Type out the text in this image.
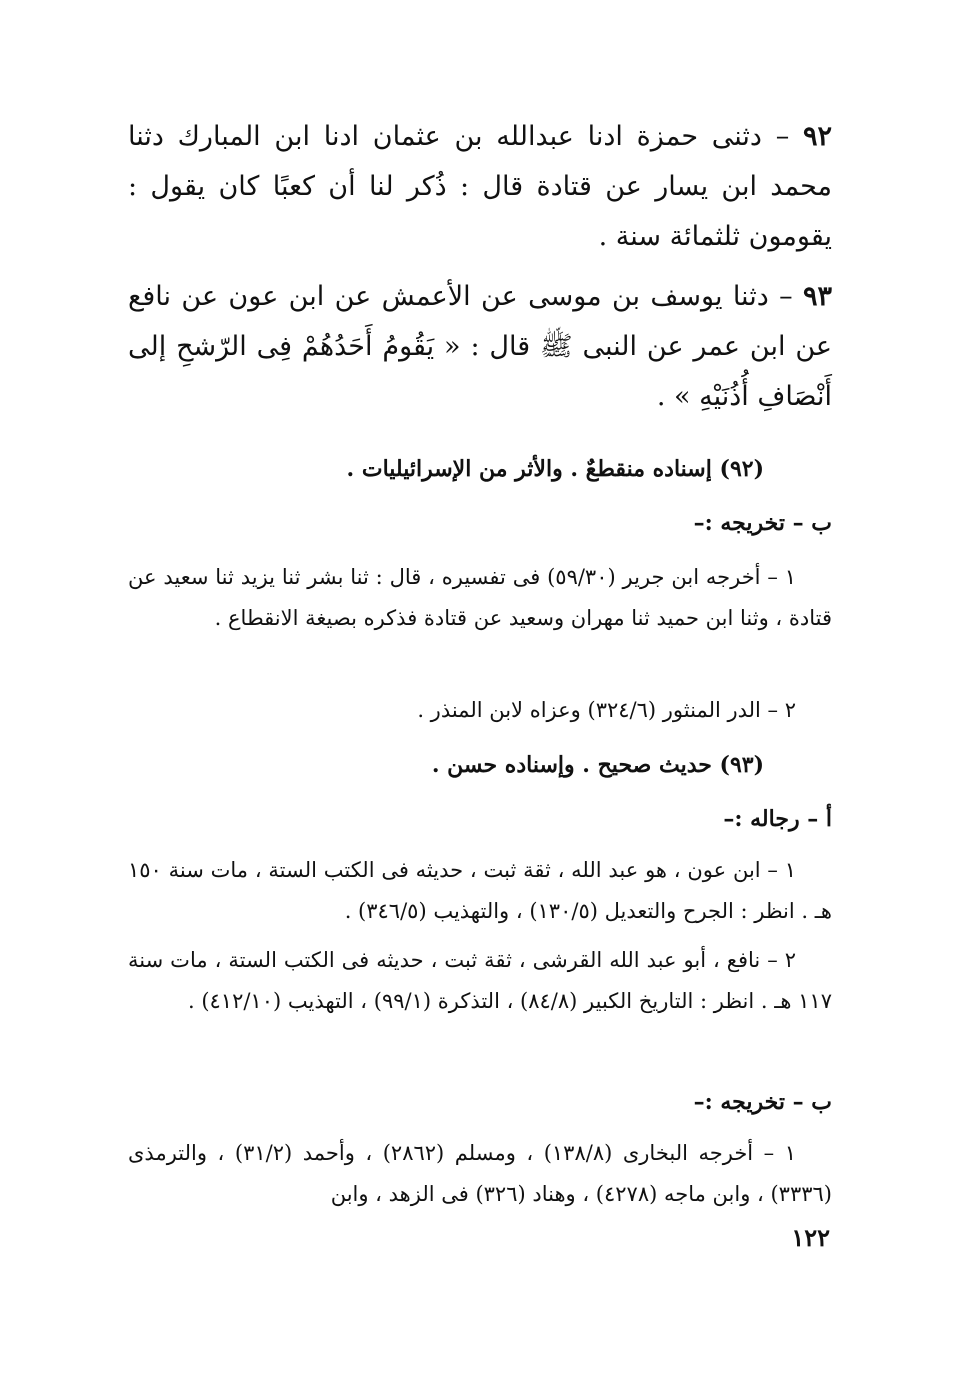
٩٢ – دثنى حمزة ادنا عبدالله بن عثمان ادنا ابن المبارك دثنا محمد ابن يسار عن قتادة قال : ذُكر لنا أن كعبًا كان يقول : يقومون ثلثمائة سنة .

٩٣ – دثنا يوسف بن موسى عن الأعمش عن ابن عون عن نافع عن ابن عمر عن النبى ﷺ قال : « يَقُومُ أَحَدُهُمْ فِى الرّشحِ إلى أَنْصَافِ أُذُنَيْهِ » .

(٩٢) إسناده منقطعٌ . والأثر من الإسرائيليات .

ب – تخريجه :–

١ – أخرجه ابن جرير (٥٩/٣٠) فى تفسيره ، قال : ثنا بشر ثنا يزيد ثنا سعيد عن قتادة ، وثنا ابن حميد ثنا مهران وسعيد عن قتادة فذكره بصيغة الانقطاع .

٢ – الدر المنثور (٣٢٤/٦) وعزاه لابن المنذر .

(٩٣) حديث صحيح . وإسناده حسن .

أ – رجاله :–

١ – ابن عون ، هو عبد الله ، ثقة ثبت ، حديثه فى الكتب الستة ، مات سنة ١٥٠ هـ . انظر : الجرح والتعديل (١٣٠/٥) ، والتهذيب (٣٤٦/٥) .

٢ – نافع ، أبو عبد الله القرشى ، ثقة ثبت ، حديثه فى الكتب الستة ، مات سنة ١١٧ هـ . انظر : التاريخ الكبير (٨٤/٨) ، التذكرة (٩٩/١) ، التهذيب (٤١٢/١٠) .

ب – تخريجه :–

١ – أخرجه البخارى (١٣٨/٨) ، ومسلم (٢٨٦٢) ، وأحمد (٣١/٢) ، والترمذى (٣٣٣٦) ، وابن ماجه (٤٢٧٨) ، وهناد (٣٢٦) فى الزهد ، وابن

١٢٢
